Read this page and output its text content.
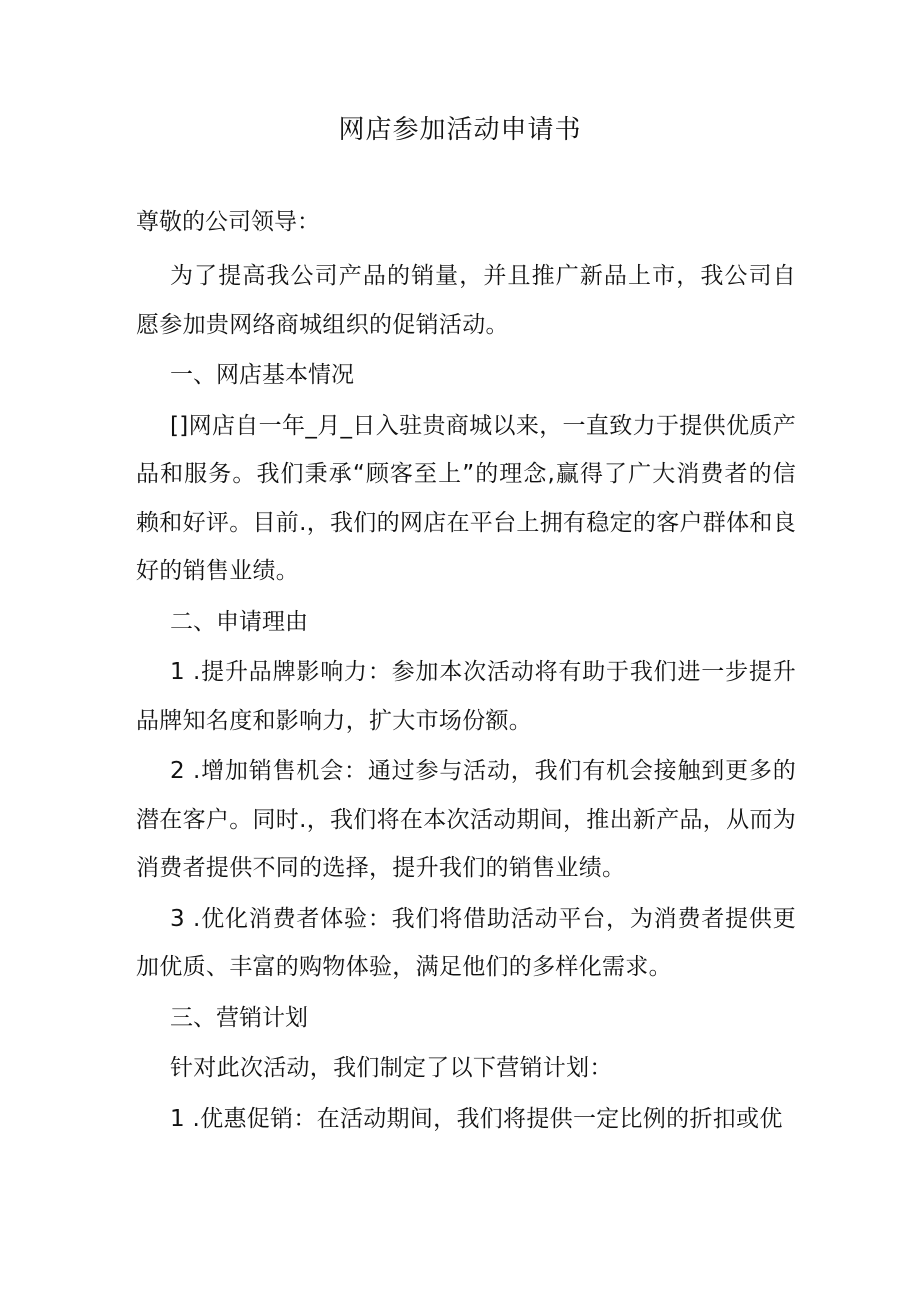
网店参加活动申请书
尊敬的公司领导：

为了提高我公司产品的销量，并且推广新品上市，我公司自愿参加贵网络商城组织的促销活动。

一、网店基本情况

[]网店自一年_月_日入驻贵商城以来，一直致力于提供优质产品和服务。我们秉承“顾客至上”的理念,赢得了广大消费者的信赖和好评。目前.，我们的网店在平台上拥有稳定的客户群体和良好的销售业绩。

二、申请理由

1 .提升品牌影响力：参加本次活动将有助于我们进一步提升品牌知名度和影响力，扩大市场份额。

2 .增加销售机会：通过参与活动，我们有机会接触到更多的潜在客户。同时.，我们将在本次活动期间，推出新产品，从而为消费者提供不同的选择，提升我们的销售业绩。

3 .优化消费者体验：我们将借助活动平台，为消费者提供更加优质、丰富的购物体验，满足他们的多样化需求。

三、营销计划

针对此次活动，我们制定了以下营销计划：

1 .优惠促销：在活动期间，我们将提供一定比例的折扣或优
